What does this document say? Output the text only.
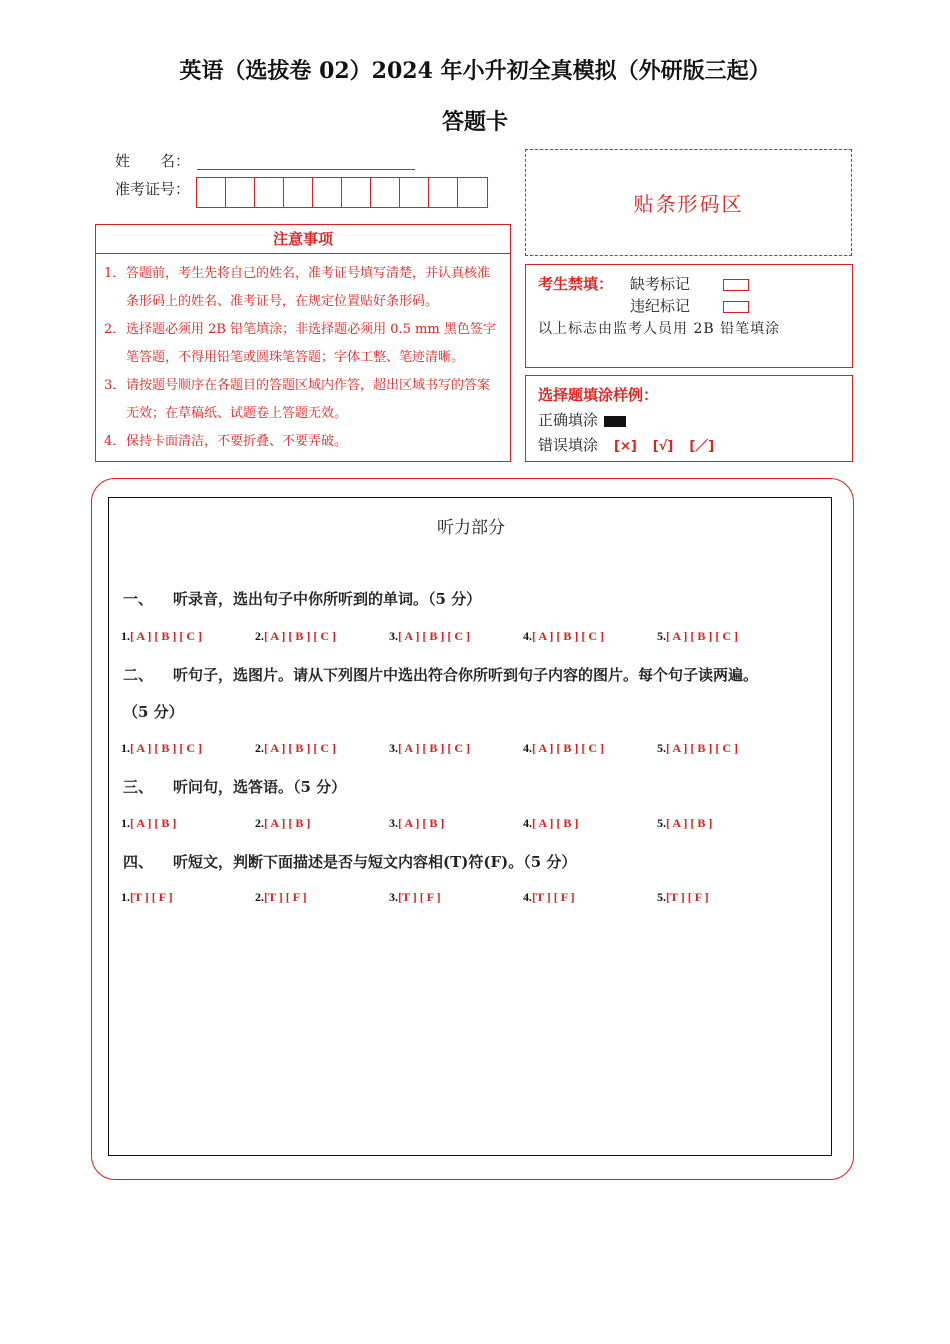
英语（选拔卷 02）2024 年小升初全真模拟（外研版三起）
答题卡
姓　　名：
准考证号：
贴条形码区
注意事项
1． 答题前，考生先将自己的姓名，准考证号填写清楚，并认真核准条形码上的姓名、准考证号，在规定位置贴好条形码。
2． 选择题必须用 2B 铅笔填涂；非选择题必须用 0.5 mm 黑色签字笔答题，不得用铅笔或圆珠笔答题；字体工整、笔迹清晰。
3． 请按题号顺序在各题目的答题区域内作答，超出区域书写的答案无效；在草稿纸、试题卷上答题无效。
4． 保持卡面清洁，不要折叠、不要弄破。
考生禁填： 缺考标记
违纪标记
以上标志由监考人员用 2B 铅笔填涂
选择题填涂样例：
正确填涂
错误填涂 [×] [√] [／]
听力部分
一、 听录音，选出句子中你所听到的单词。（5 分）
1.[ A ] [ B ] [ C ]	2.[ A ] [ B ] [ C ]	3.[ A ] [ B ] [ C ]	4.[ A ] [ B ] [ C ]	5.[ A ] [ B ] [ C ]
二、 听句子，选图片。请从下列图片中选出符合你所听到句子内容的图片。每个句子读两遍。
（5 分）
1.[ A ] [ B ] [ C ]	2.[ A ] [ B ] [ C ]	3.[ A ] [ B ] [ C ]	4.[ A ] [ B ] [ C ]	5.[ A ] [ B ] [ C ]
三、 听问句，选答语。（5 分）
1.[ A ] [ B ]	2.[ A ] [ B ]	3.[ A ] [ B ]	4.[ A ] [ B ]	5.[ A ] [ B ]
四、 听短文，判断下面描述是否与短文内容相(T)符(F)。（5 分）
1.[T ] [ F ]	2.[T ] [ F ]	3.[T ] [ F ]	4.[T ] [ F ]	5.[T ] [ F ]
